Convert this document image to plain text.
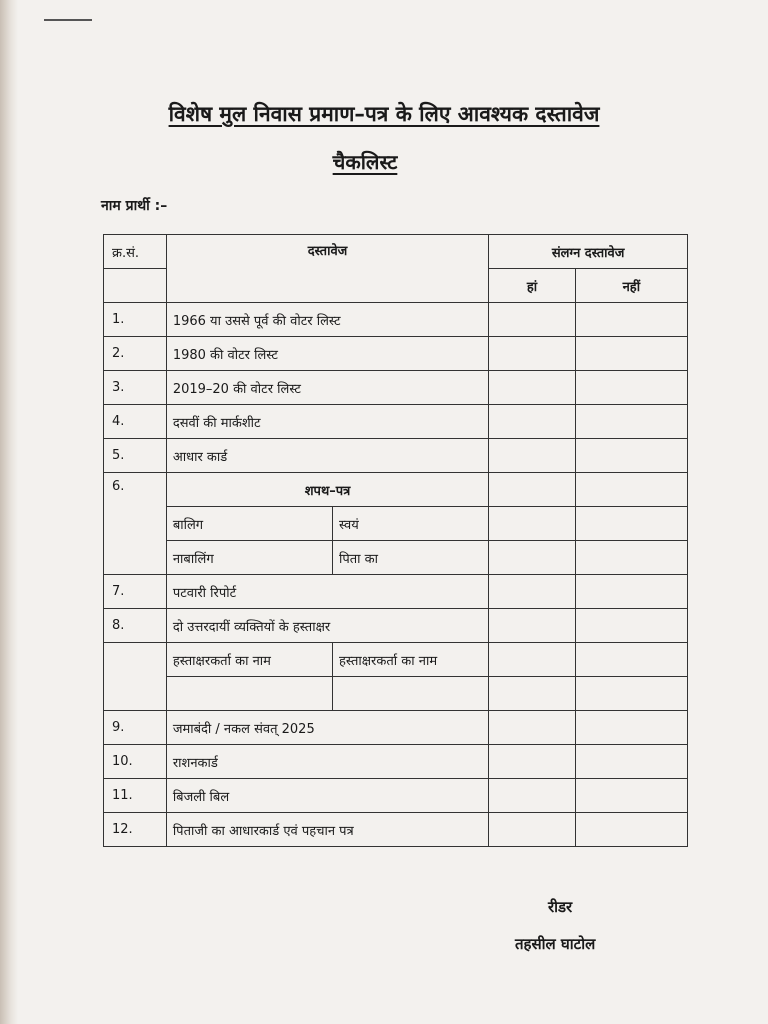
विशेष मुल निवास प्रमाण–पत्र के लिए आवश्यक दस्तावेज
चैकलिस्ट
नाम प्रार्थी :–
क्र.सं.	दस्तावेज		संलग्न दस्तावेज	
			हां	नहीं
1.	1966 या उससे पूर्व की वोटर लिस्ट			
2.	1980 की वोटर लिस्ट			
3.	2019–20 की वोटर लिस्ट			
4.	दसवीं की मार्कशीट			
5.	आधार कार्ड			
6.	शपथ–पत्र			
	बालिग	स्वयं		
	नाबालिंग	पिता का		
7.	पटवारी रिपोर्ट			
8.	दो उत्तरदायीं व्यक्तियों के हस्ताक्षर			
	हस्ताक्षरकर्ता का नाम	हस्ताक्षरकर्ता का नाम		

9.	जमाबंदी / नकल संवत् 2025			
10.	राशनकार्ड			
11.	बिजली बिल			
12.	पिताजी का आधारकार्ड एवं पहचान पत्र			
रीडर
तहसील घाटोल
